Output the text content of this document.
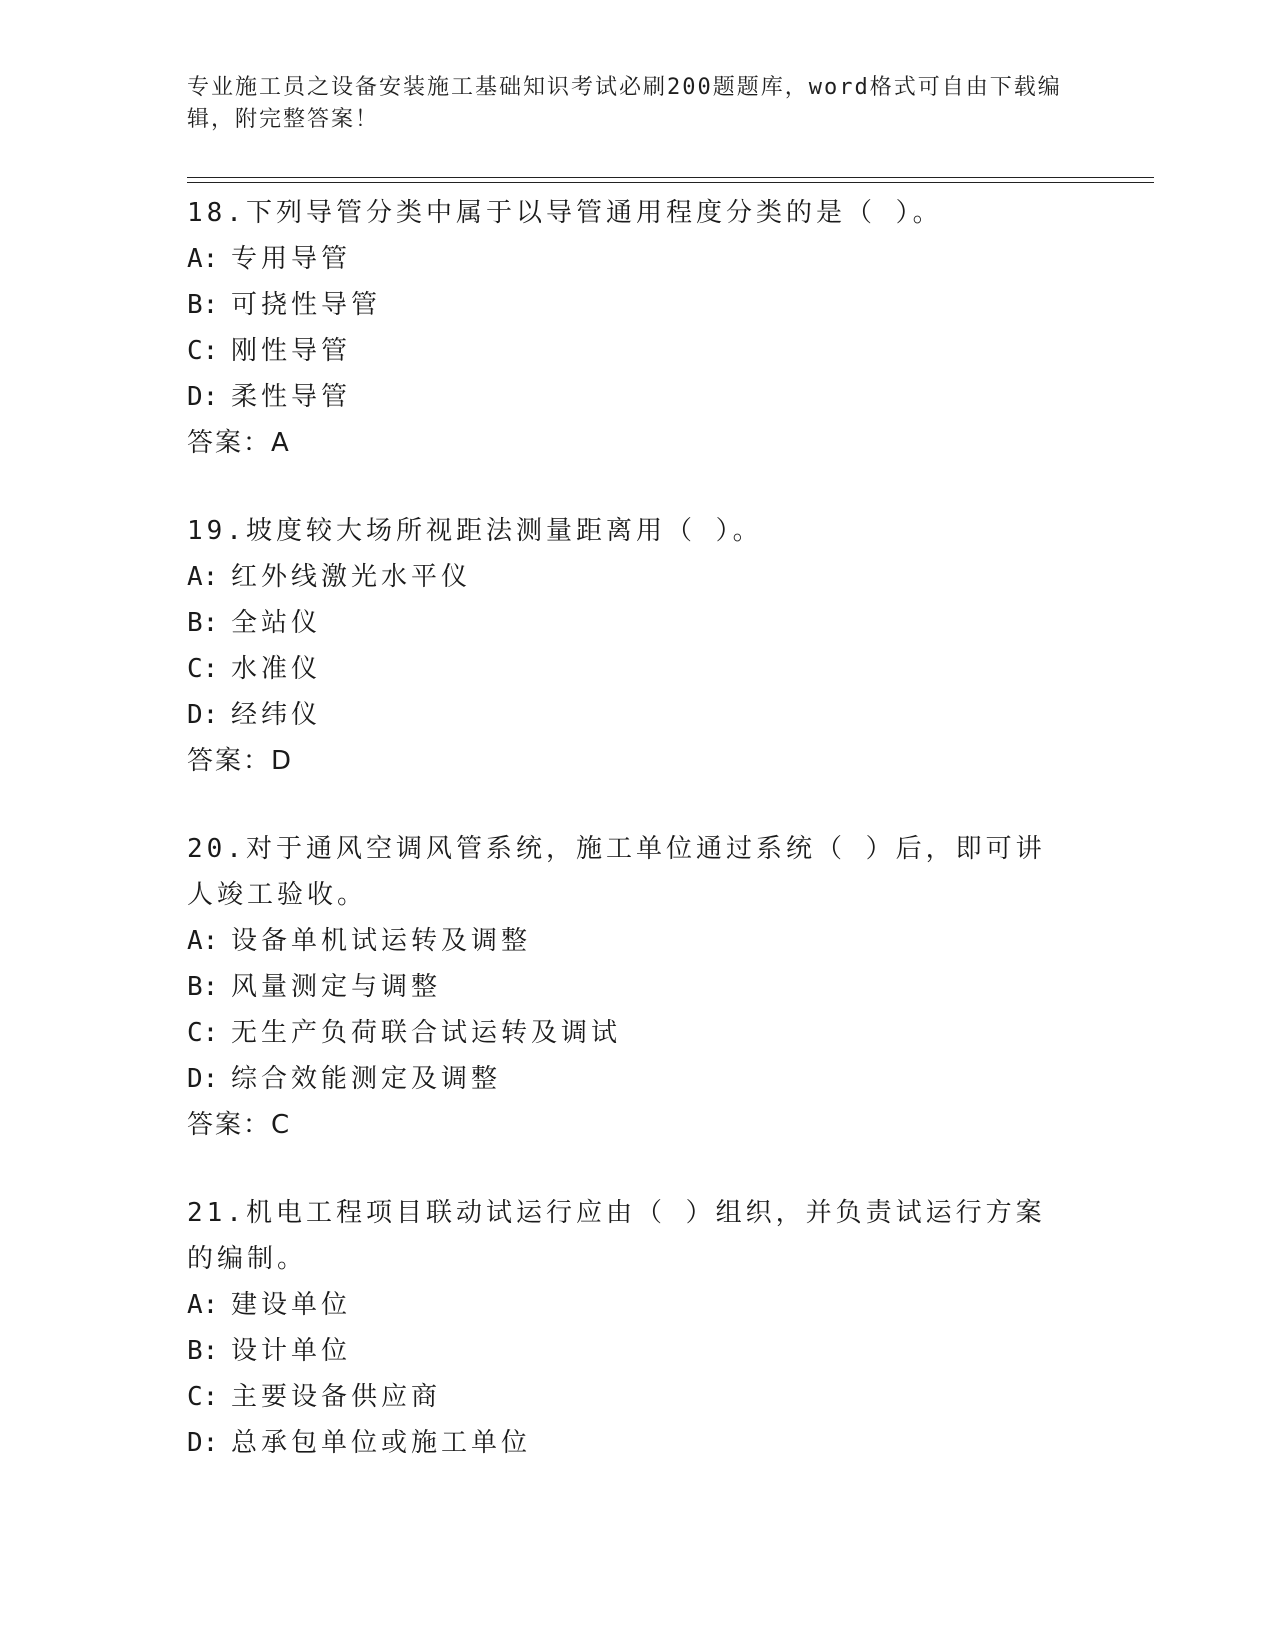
专业施工员之设备安装施工基础知识考试必刷200题题库，word格式可自由下载编辑，附完整答案！

18.下列导管分类中属于以导管通用程度分类的是（ ）。

A: 专用导管

B: 可挠性导管

C: 刚性导管

D: 柔性导管

答案：A

19.坡度较大场所视距法测量距离用（ ）。

A: 红外线激光水平仪

B: 全站仪

C: 水准仪

D: 经纬仪

答案：D

20.对于通风空调风管系统，施工单位通过系统（ ）后，即可讲人竣工验收。

A: 设备单机试运转及调整

B: 风量测定与调整

C: 无生产负荷联合试运转及调试

D: 综合效能测定及调整

答案：C

21.机电工程项目联动试运行应由（ ）组织，并负责试运行方案的编制。

A: 建设单位

B: 设计单位

C: 主要设备供应商

D: 总承包单位或施工单位
